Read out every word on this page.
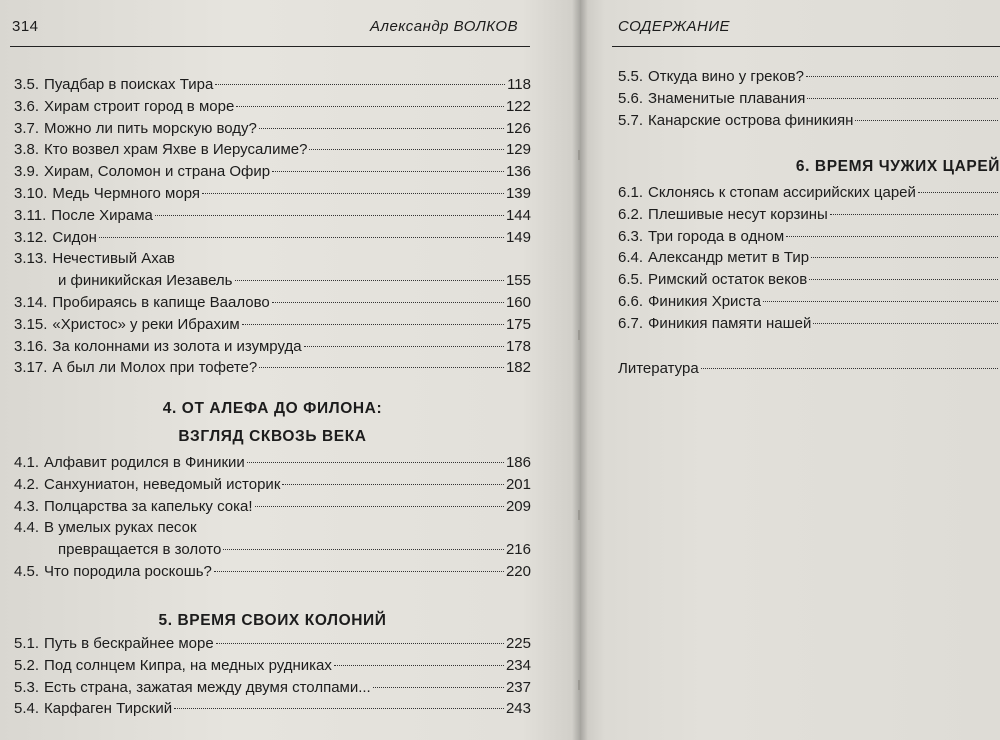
314	Александр ВОЛКОВ	СОДЕРЖАНИЕ
3.5. Пуадбар в поисках Тира	118
3.6. Хирам строит город в море	122
3.7. Можно ли пить морскую воду?	126
3.8. Кто возвел храм Яхве в Иерусалиме?	129
3.9. Хирам, Соломон и страна Офир	136
3.10. Медь Чермного моря	139
3.11. После Хирама	144
3.12. Сидон	149
3.13. Нечестивый Ахав
и финикийская Иезавель	155
3.14. Пробираясь в капище Ваалово	160
3.15. «Христос» у реки Ибрахим	175
3.16. За колоннами из золота и изумруда	178
3.17. А был ли Молох при тофете?	182
4. ОТ АЛЕФА ДО ФИЛОНА:
ВЗГЛЯД СКВОЗЬ ВЕКА
4.1. Алфавит родился в Финикии	186
4.2. Санхуниатон, неведомый историк	201
4.3. Полцарства за капельку сока!	209
4.4. В умелых руках песок
превращается в золото	216
4.5. Что породила роскошь?	220
5. ВРЕМЯ СВОИХ КОЛОНИЙ
5.1. Путь в бескрайнее море	225
5.2. Под солнцем Кипра, на медных рудниках	234
5.3. Есть страна, зажатая между двумя столпами...	237
5.4. Карфаген Тирский	243
5.5. Откуда вино у греков?
5.6. Знаменитые плавания
5.7. Канарские острова финикиян
6. ВРЕМЯ ЧУЖИХ ЦАРЕЙ
6.1. Склонясь к стопам ассирийских царей
6.2. Плешивые несут корзины
6.3. Три города в одном
6.4. Александр метит в Тир
6.5. Римский остаток веков
6.6. Финикия Христа
6.7. Финикия памяти нашей
Литература
